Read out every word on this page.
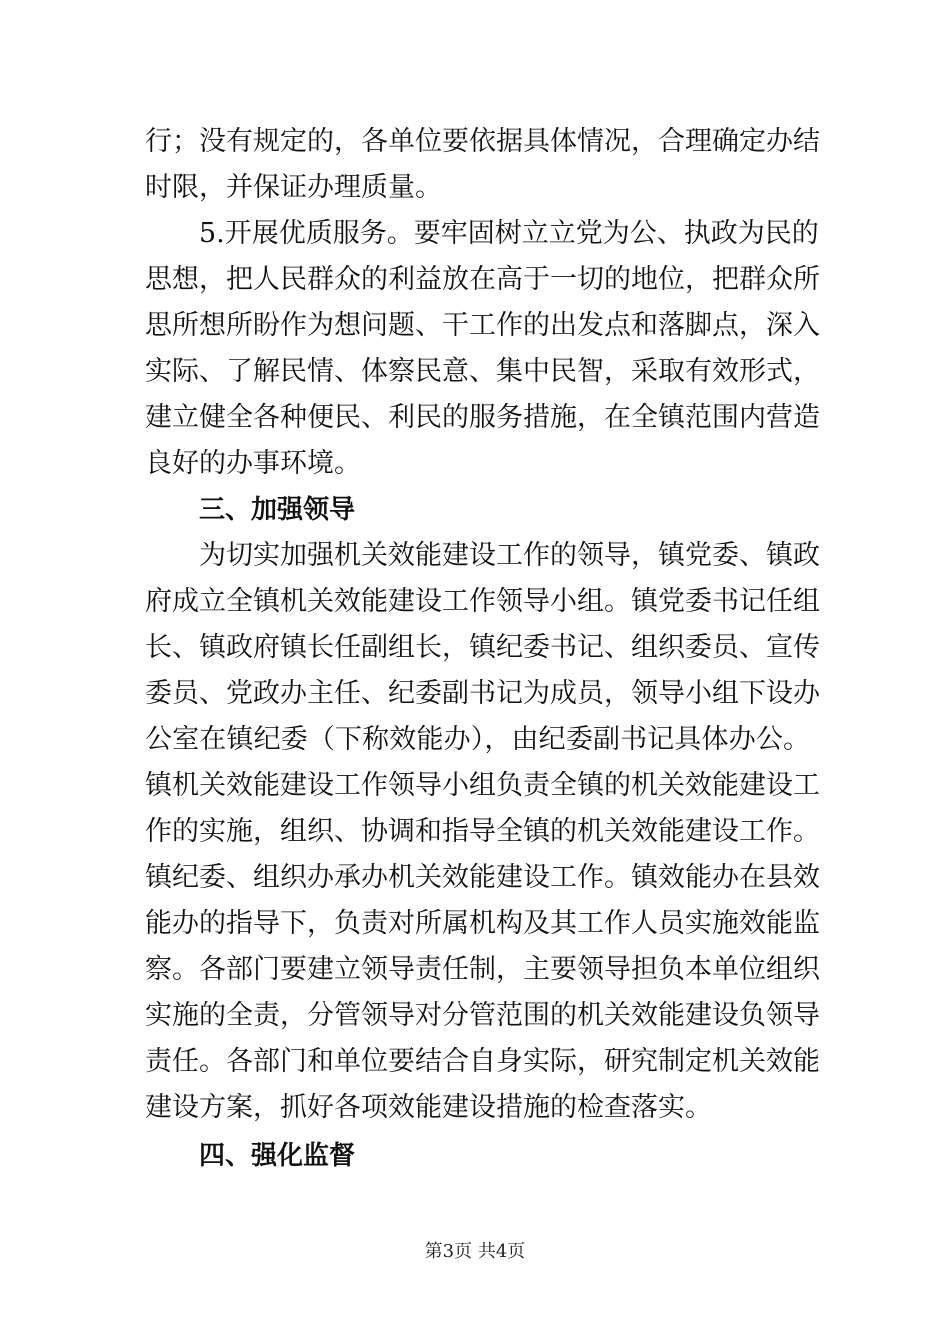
行；没有规定的，各单位要依据具体情况，合理确定办结
时限，并保证办理质量。
5.开展优质服务。要牢固树立立党为公、执政为民的
思想，把人民群众的利益放在高于一切的地位，把群众所
思所想所盼作为想问题、干工作的出发点和落脚点，深入
实际、了解民情、体察民意、集中民智，采取有效形式，
建立健全各种便民、利民的服务措施，在全镇范围内营造
良好的办事环境。
三、加强领导
为切实加强机关效能建设工作的领导，镇党委、镇政
府成立全镇机关效能建设工作领导小组。镇党委书记任组
长、镇政府镇长任副组长，镇纪委书记、组织委员、宣传
委员、党政办主任、纪委副书记为成员，领导小组下设办
公室在镇纪委（下称效能办），由纪委副书记具体办公。
镇机关效能建设工作领导小组负责全镇的机关效能建设工
作的实施，组织、协调和指导全镇的机关效能建设工作。
镇纪委、组织办承办机关效能建设工作。镇效能办在县效
能办的指导下，负责对所属机构及其工作人员实施效能监
察。各部门要建立领导责任制，主要领导担负本单位组织
实施的全责，分管领导对分管范围的机关效能建设负领导
责任。各部门和单位要结合自身实际，研究制定机关效能
建设方案，抓好各项效能建设措施的检查落实。
四、强化监督
第3页 共4页
